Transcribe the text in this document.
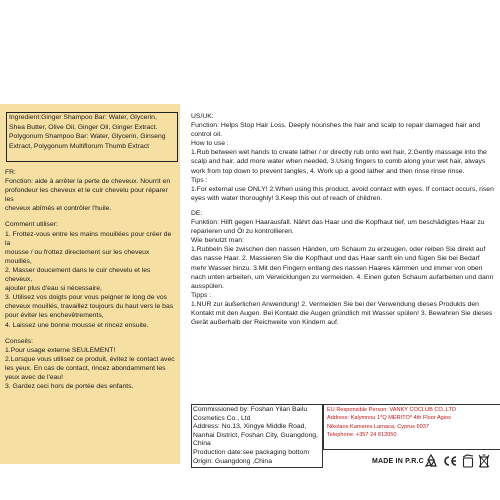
Ingredient:Ginger Shampoo Bar: Water, Glycerin,
Shea Butter, Olive Oil, Ginger Oil, Ginger Extract.
Polygonum Shampoo Bar: Water, Glycerin, Ginseng
Extract, Polygonum Multiflorum Thumb Extract

FR:

Fonction: aide à arrêter la perte de cheveux. Nourrit en

profondeur les cheveux et le cuir chevelu pour réparer les

cheveux abîmés et contrôler l'huile.

Comment utiliser:

1. Frottez-vous entre les mains mouillées pour créer de la

mousse / ou frottez directement sur les cheveux mouillés,

2. Masser doucement dans le cuir chevelu et les cheveux,

ajouter plus d'eau si nécessaire,

3. Utilisez vos doigts pour vous peigner le long de vos

cheveux mouillés, travaillez toujours du haut vers le bas

pour éviter les enchevêtrements,

4. Laissez une bonne mousse et rincez ensuite.

Conseils:

1.Pour usage externe SEULEMENT!

2.Lorsque vous utilisez ce produit, évitez le contact avec

les yeux. En cas de contact, rincez abondamment les

yeux avec de l'eau!

3. Gardez ceci hors de portée des enfants.

US/UK:

Function: Helps Stop Hair Loss. Deeply nourishes the hair and scalp to repair damaged hair and

control oil.

How to use :

1.Rub between wet hands to create lather / or directly rub onto wet hair, 2.Gently massage into the

scalp and hair, add more water when needed, 3.Using fingers to comb along your wet hair, always

work from top down to prevent tangles, 4. Work up a good lather and then rinse rinse rinse.

Tips :

1.For external use ONLY! 2.When using this product, avoid contact with eyes. If contact occurs, risen

eyes with water thoroughly! 3.Keep this out of reach of children.

DE:

Funktion: Hilft gegen Haarausfall. Nährt das Haar und die Kopfhaut tief, um beschädigtes Haar zu

reparieren und Öl zu kontrollieren.

Wie benutzt man:

1.Rubbeln Sie zwischen den nassen Händen, um Schaum zu erzeugen, oder reiben Sie direkt auf

das nasse Haar. 2. Massieren Sie die Kopfhaut und das Haar sanft ein und fügen Sie bei Bedarf

mehr Wasser hinzu. 3.Mit den Fingern entlang des nassen Haares kämmen und immer von oben

nach unten arbeiten, um Verwicklungen zu vermeiden. 4. Einen guten Schaum aufarbeiten und dann

ausspülen.

Tipps :

1.NUR zur äußerlichen Anwendung! 2. Vermeiden Sie bei der Verwendung dieses Produkts den

Kontakt mit den Augen. Bei Kontakt die Augen gründlich mit Wasser spülen! 3. Bewahren Sie dieses

Gerät außerhalb der Reichweite von Kindern auf.

Commissioned by: Foshan Yilan Bailu

Cosmetics Co., Ltd

Address: No.13, Xingye Middle Road,

Nanhai District, Foshan City, Guangdong,

China

Production date:see packaging bottom

Origin: Guangdong ,China

EU Responsible Person: VANKY COCLUB CO.,LTD

Address: Kalymnou 1*Q MERITO* 4th Floor Agios

Nikolaos Kamares Larnaca, Cyprus 6037

Telephone: +357 24 812050

MADE IN P.R.C
